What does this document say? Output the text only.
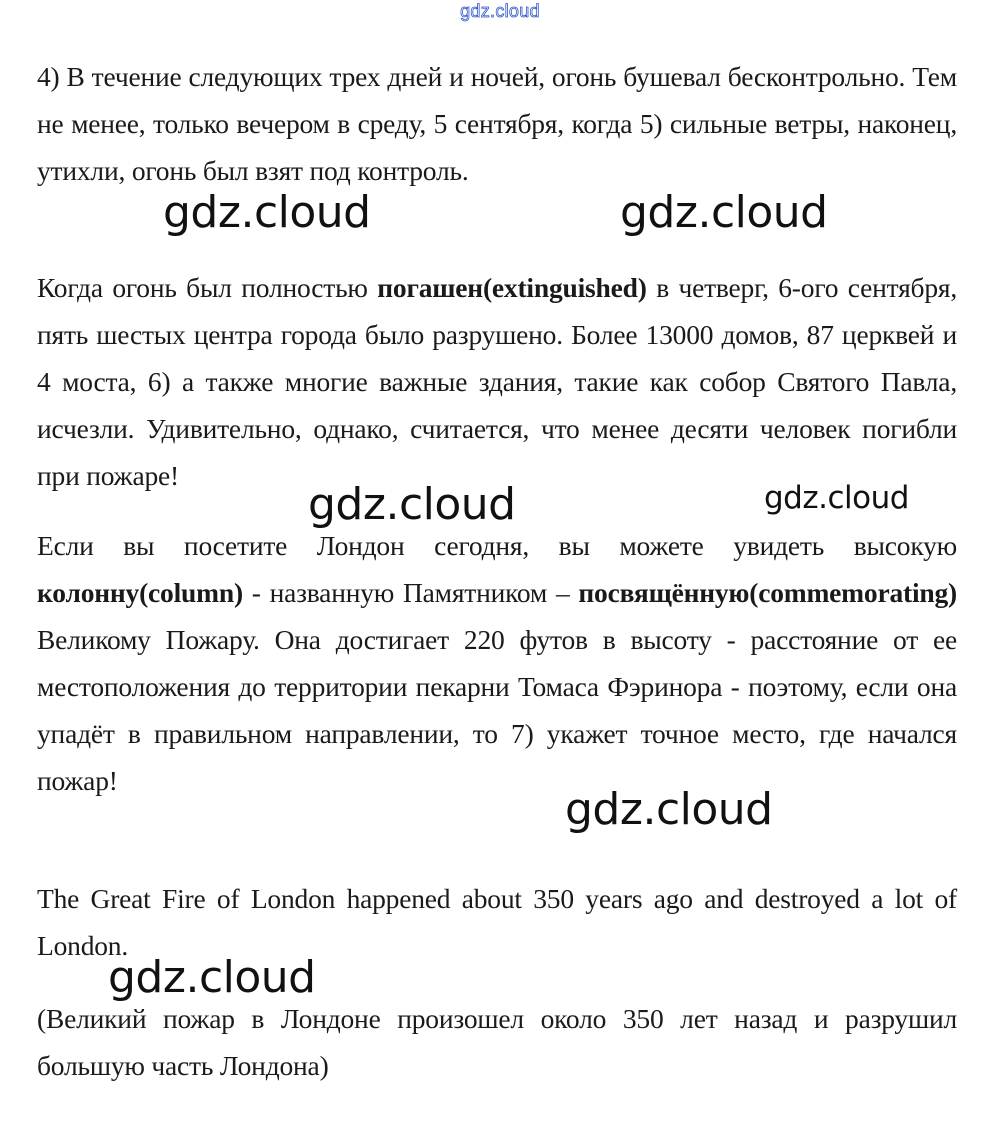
gdz.cloud
4) В течение следующих трех дней и ночей, огонь бушевал бесконтрольно. Тем не менее, только вечером в среду, 5 сентября, когда 5) сильные ветры, наконец, утихли, огонь был взят под контроль.
Когда огонь был полностью погашен(extinguished) в четверг, 6-ого сентября, пять шестых центра города было разрушено. Более 13000 домов, 87 церквей и 4 моста, 6) а также многие важные здания, такие как собор Святого Павла, исчезли. Удивительно, однако, считается, что менее десяти человек погибли при пожаре!
Если вы посетите Лондон сегодня, вы можете увидеть высокую колонну(column) - названную Памятником – посвящённую(commemorating) Великому Пожару. Она достигает 220 футов в высоту - расстояние от ее местоположения до территории пекарни Томаса Фэринора - поэтому, если она упадёт в правильном направлении, то 7) укажет точное место, где начался пожар!
The Great Fire of London happened about 350 years ago and destroyed a lot of London.
(Великий пожар в Лондоне произошел около 350 лет назад и разрушил большую часть Лондона)
gdz.cloud	gdz.cloud
gdz.cloud	gdz.cloud
gdz.cloud
gdz.cloud
